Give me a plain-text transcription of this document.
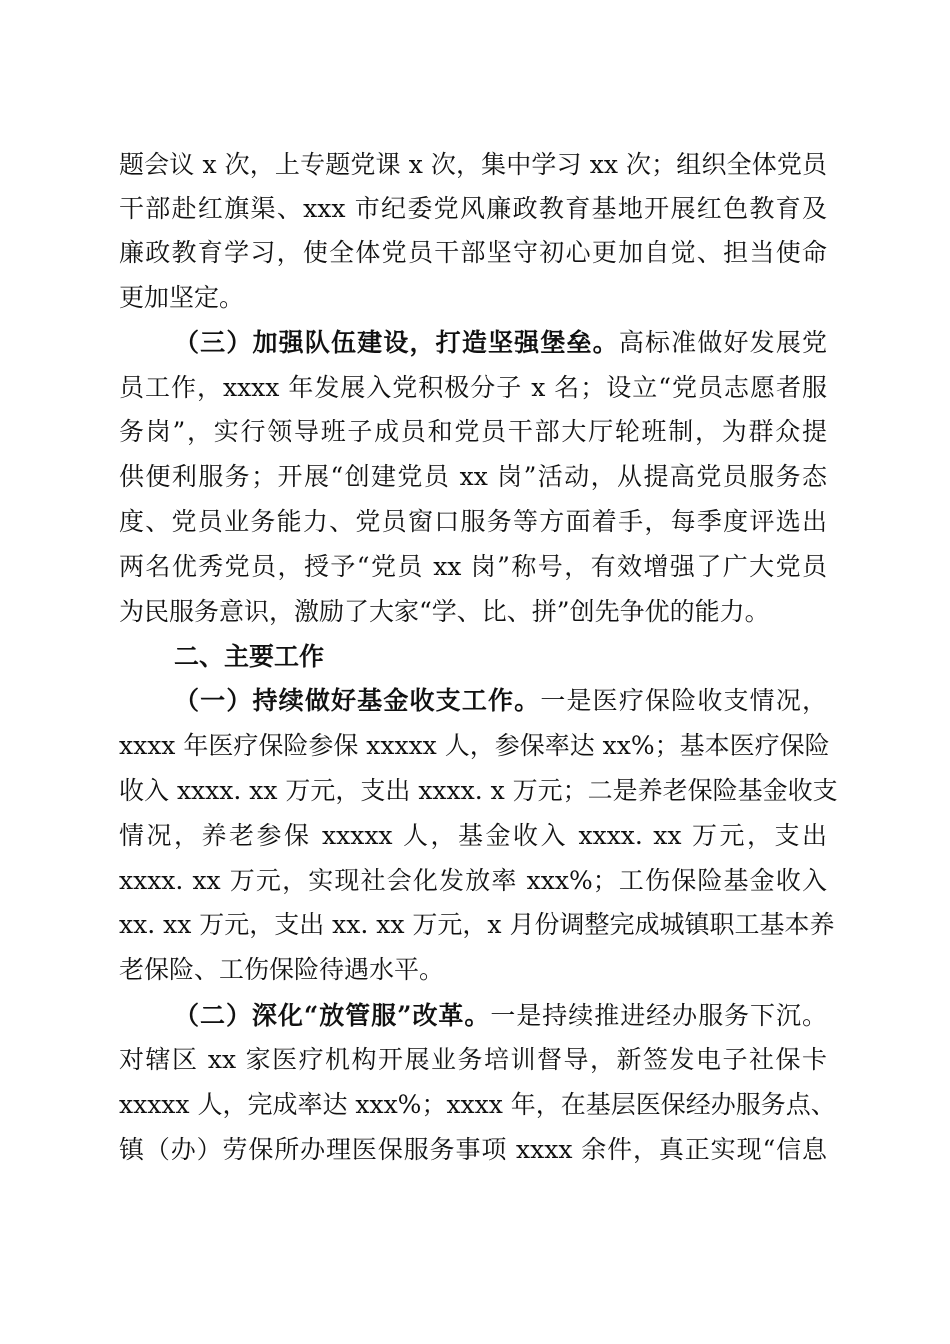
题会议 x 次，上专题党课 x 次，集中学习 xx 次；组织全体党员
干部赴红旗渠、xxx 市纪委党风廉政教育基地开展红色教育及
廉政教育学习，使全体党员干部坚守初心更加自觉、担当使命
更加坚定。
（三）加强队伍建设，打造坚强堡垒。高标准做好发展党
员工作，xxxx 年发展入党积极分子 x 名；设立“党员志愿者服
务岗”，实行领导班子成员和党员干部大厅轮班制，为群众提
供便利服务；开展“创建党员 xx 岗”活动，从提高党员服务态
度、党员业务能力、党员窗口服务等方面着手，每季度评选出
两名优秀党员，授予“党员 xx 岗”称号，有效增强了广大党员
为民服务意识，激励了大家“学、比、拼”创先争优的能力。
二、主要工作
（一）持续做好基金收支工作。一是医疗保险收支情况，
xxxx 年医疗保险参保 xxxxx 人，参保率达 xx%；基本医疗保险
收入 xxxx. xx 万元，支出 xxxx. x 万元；二是养老保险基金收支
情况，养老参保 xxxxx 人，基金收入 xxxx. xx 万元，支出
xxxx. xx 万元，实现社会化发放率 xxx%；工伤保险基金收入
xx. xx 万元，支出 xx. xx 万元，x 月份调整完成城镇职工基本养
老保险、工伤保险待遇水平。
（二）深化“放管服”改革。一是持续推进经办服务下沉。
对辖区 xx 家医疗机构开展业务培训督导，新签发电子社保卡
xxxxx 人，完成率达 xxx%；xxxx 年，在基层医保经办服务点、
镇（办）劳保所办理医保服务事项 xxxx 余件，真正实现“信息
